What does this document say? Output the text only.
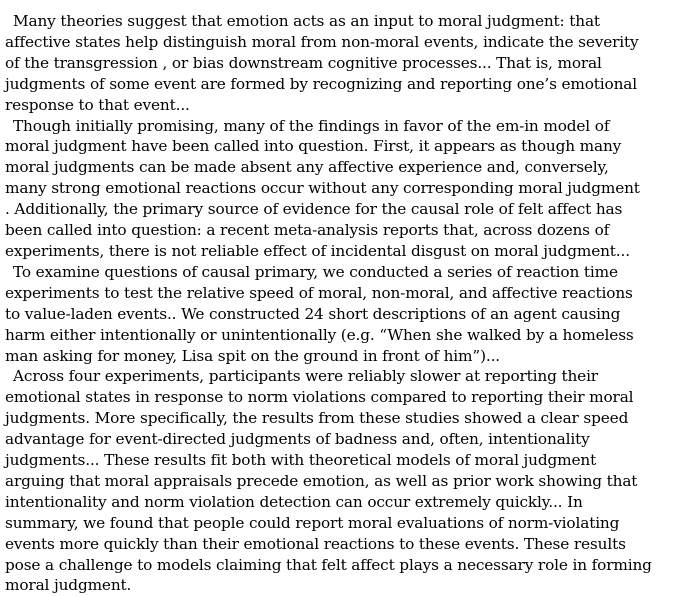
Many theories suggest that emotion acts as an input to moral judgment: that
affective states help distinguish moral from non-moral events, indicate the severity
of the transgression , or bias downstream cognitive processes... That is, moral
judgments of some event are formed by recognizing and reporting one’s emotional
response to that event...

Though initially promising, many of the findings in favor of the em-in model of
moral judgment have been called into question. First, it appears as though many
moral judgments can be made absent any affective experience and, conversely,
many strong emotional reactions occur without any corresponding moral judgment
. Additionally, the primary source of evidence for the causal role of felt affect has
been called into question: a recent meta-analysis reports that, across dozens of
experiments, there is not reliable effect of incidental disgust on moral judgment...

To examine questions of causal primary, we conducted a series of reaction time
experiments to test the relative speed of moral, non-moral, and affective reactions
to value-laden events.. We constructed 24 short descriptions of an agent causing
harm either intentionally or unintentionally (e.g. “When she walked by a homeless
man asking for money, Lisa spit on the ground in front of him”)...

Across four experiments, participants were reliably slower at reporting their
emotional states in response to norm violations compared to reporting their moral
judgments. More specifically, the results from these studies showed a clear speed
advantage for event-directed judgments of badness and, often, intentionality
judgments... These results fit both with theoretical models of moral judgment
arguing that moral appraisals precede emotion, as well as prior work showing that
intentionality and norm violation detection can occur extremely quickly... In
summary, we found that people could report moral evaluations of norm-violating
events more quickly than their emotional reactions to these events. These results
pose a challenge to models claiming that felt affect plays a necessary role in forming
moral judgment.
